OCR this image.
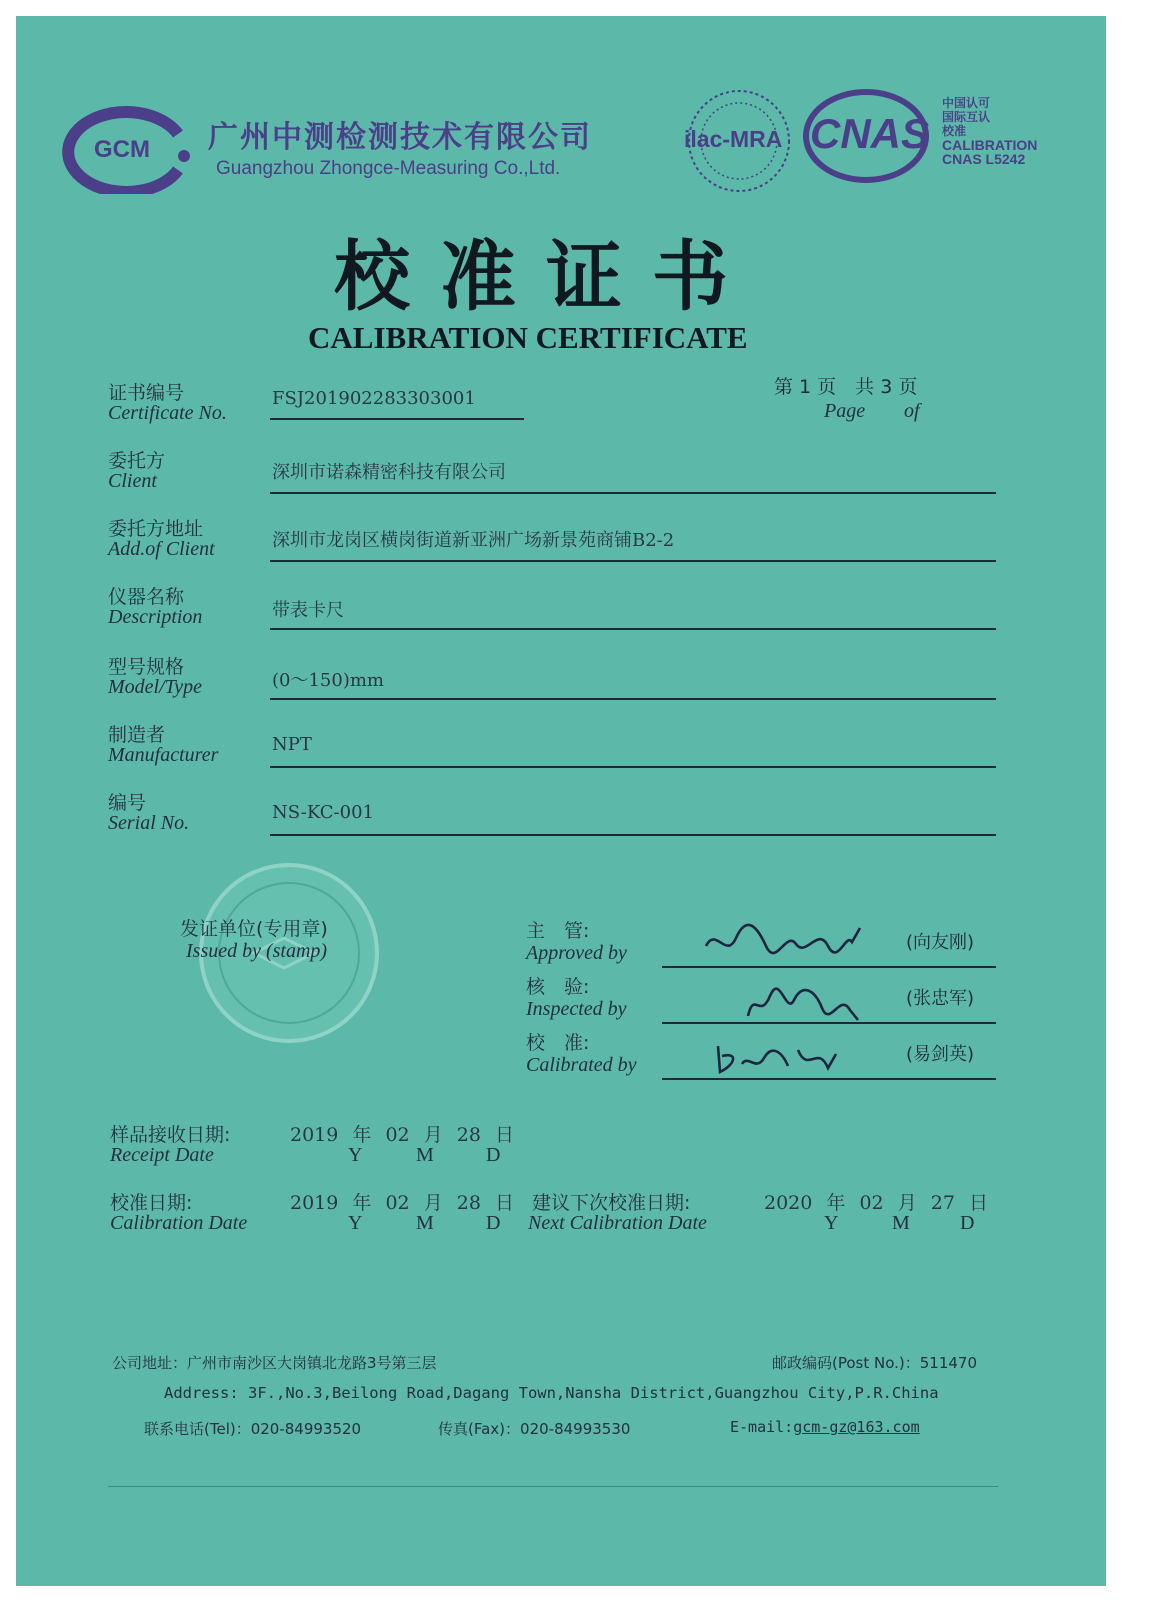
GCM 广州中测检测技术有限公司
Guangzhou Zhongce-Measuring Co.,Ltd.
ilac-MRA CNAS
中国认可
国际互认
校准
CALIBRATION
CNAS L5242
校准证书
CALIBRATION CERTIFICATE
第 1 页　共 3 页
Page of
证书编号
Certificate No.
FSJ201902283303001
委托方
Client	深圳市诺森精密科技有限公司
委托方地址
Add.of Client	深圳市龙岗区横岗街道新亚洲广场新景苑商铺B2-2
仪器名称
Description	带表卡尺
型号规格
Model/Type	(0～150)mm
制造者
Manufacturer	NPT
编号
Serial No.	NS-KC-001
发证单位(专用章)
Issued by (stamp)
主　管:
Approved by	(向友刚)
核　验:
Inspected by	(张忠军)
校　准:
Calibrated by	(易剑英)
样品接收日期:
Receipt Date
2019 年 02 月 28 日
Y	M	D
校准日期:
Calibration Date
2019 年 02 月 28 日
Y	M	D
建议下次校准日期:
Next Calibration Date
2020 年 02 月 27 日
Y	M	D
公司地址：广州市南沙区大岗镇北龙路3号第三层	邮政编码(Post No.)：511470
Address: 3F.,No.3,Beilong Road,Dagang Town,Nansha District,Guangzhou City,P.R.China
联系电话(Tel)：020-84993520	传真(Fax)：020-84993530	E-mail:gcm-gz@163.com
